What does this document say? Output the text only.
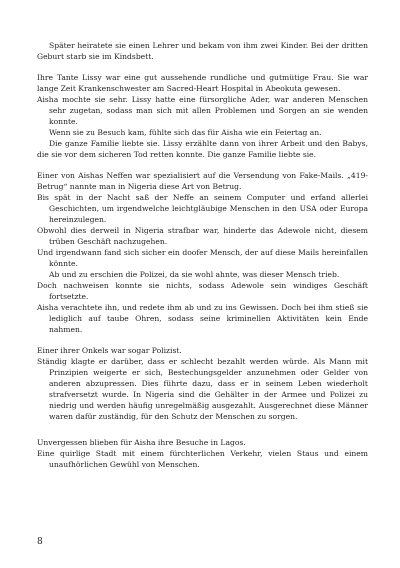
Später heiratete sie einen Lehrer und bekam von ihm zwei Kinder. Bei der dritten Geburt starb sie im Kindsbett.

Ihre Tante Lissy war eine gut aussehende rundliche und gutmütige Frau. Sie war lange Zeit Krankenschwester am Sacred-Heart Hospital in Abeokuta gewesen.

Aisha mochte sie sehr. Lissy hatte eine fürsorgliche Ader, war anderen Menschen sehr zugetan, sodass man sich mit allen Problemen und Sorgen an sie wenden konnte.

Wenn sie zu Besuch kam, fühlte sich das für Aisha wie ein Feiertag an.

Die ganze Familie liebte sie. Lissy erzählte dann von ihrer Arbeit und den Babys, die sie vor dem sicheren Tod retten konnte. Die ganze Familie liebte sie.

Einer von Aishas Neffen war spezialisiert auf die Versendung von Fake-Mails. „419-Betrug“ nannte man in Nigeria diese Art von Betrug.

Bis spät in der Nacht saß der Neffe an seinem Computer und erfand allerlei Geschichten, um irgendwelche leichtgläubige Menschen in den USA oder Europa hereinzulegen.

Obwohl dies derweil in Nigeria strafbar war, hinderte das Adewole nicht, diesem trüben Geschäft nachzugehen.

Und irgendwann fand sich sicher ein doofer Mensch, der auf diese Mails hereinfallen könnte.

Ab und zu erschien die Polizei, da sie wohl ahnte, was dieser Mensch trieb.

Doch nachweisen konnte sie nichts, sodass Adewole sein windiges Geschäft fortsetzte.

Aisha verachtete ihn, und redete ihm ab und zu ins Gewissen. Doch bei ihm stieß sie lediglich auf taube Ohren, sodass seine kriminellen Aktivitäten kein Ende nahmen.

Einer ihrer Onkels war sogar Polizist.

Ständig klagte er darüber, dass er schlecht bezahlt werden würde. Als Mann mit Prinzipien weigerte er sich, Bestechungsgelder anzunehmen oder Gelder von anderen abzupressen. Dies führte dazu, dass er in seinem Leben wiederholt strafversetzt wurde. In Nigeria sind die Gehälter in der Armee und Polizei zu niedrig und werden häufig unregelmäßig ausgezahlt. Ausgerechnet diese Männer waren dafür zuständig, für den Schutz der Menschen zu sorgen.

Unvergessen blieben für Aisha ihre Besuche in Lagos.

Eine quirlige Stadt mit einem fürchterlichen Verkehr, vielen Staus und einem unaufhörlichen Gewühl von Menschen.

8
